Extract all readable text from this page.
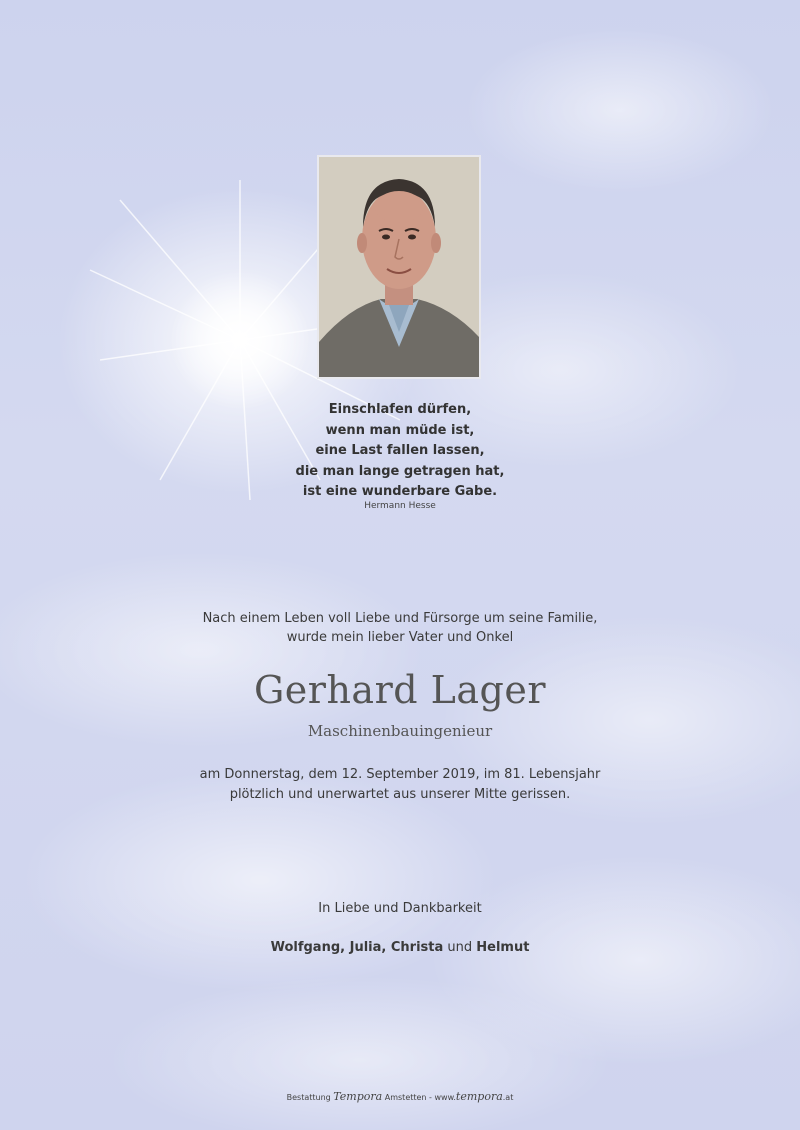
Einschlafen dürfen,
wenn man müde ist,
eine Last fallen lassen,
die man lange getragen hat,
ist eine wunderbare Gabe.
Hermann Hesse
Nach einem Leben voll Liebe und Fürsorge um seine Familie,
wurde mein lieber Vater und Onkel
Gerhard Lager
Maschinenbauingenieur
am Donnerstag, dem 12. September 2019, im 81. Lebensjahr
plötzlich und unerwartet aus unserer Mitte gerissen.
In Liebe und Dankbarkeit
Wolfgang, Julia, Christa und Helmut
Bestattung Tempora Amstetten - www.tempora.at
